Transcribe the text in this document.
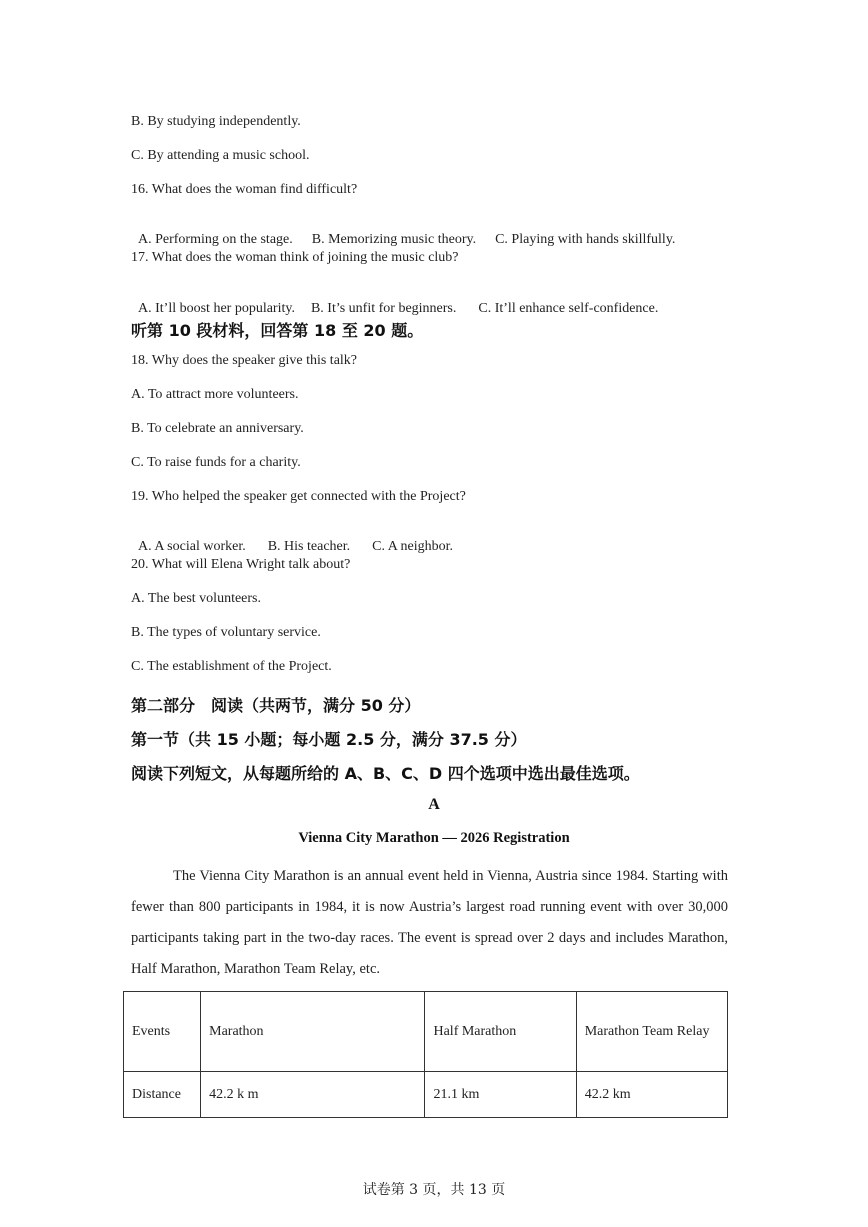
B. By studying independently.
C. By attending a music school.
16. What does the woman find difficult?

A. Performing on the stage. B. Memorizing music theory. C. Playing with hands skillfully.

17. What does the woman think of joining the music club?

A. It’ll boost her popularity. B. It’s unfit for beginners. C. It’ll enhance self-confidence.

听第 10 段材料，回答第 18 至 20 题。
18. Why does the speaker give this talk?
A. To attract more volunteers.
B. To celebrate an anniversary.
C. To raise funds for a charity.
19. Who helped the speaker get connected with the Project?

A. A social worker. B. His teacher. C. A neighbor.

20. What will Elena Wright talk about?
A. The best volunteers.
B. The types of voluntary service.
C. The establishment of the Project.
第二部分　阅读（共两节，满分 50 分）
第一节（共 15 小题；每小题 2.5 分，满分 37.5 分）
阅读下列短文，从每题所给的 A、B、C、D 四个选项中选出最佳选项。
A
Vienna City Marathon — 2026 Registration
The Vienna City Marathon is an annual event held in Vienna, Austria since 1984. Starting with fewer than 800 participants in 1984, it is now Austria’s largest road running event with over 30,000 participants taking part in the two-day races. The event is spread over 2 days and includes Marathon, Half Marathon, Marathon Team Relay, etc.
Events	Marathon	Half Marathon	Marathon Team Relay
Distance	42.2 k m	21.1 km	42.2 km
试卷第 3 页，共 13 页
